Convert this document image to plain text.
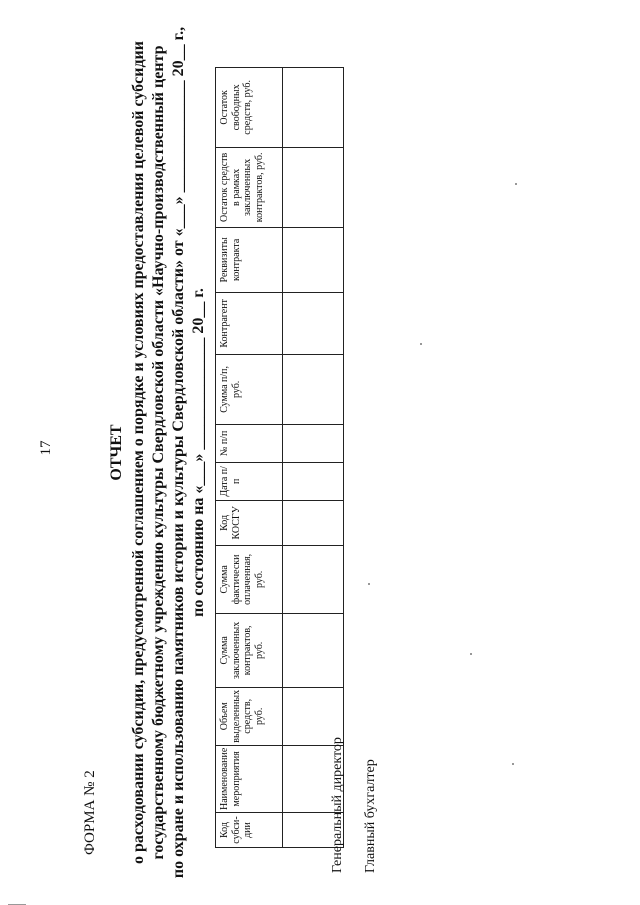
17
ФОРМА № 2
ОТЧЕТ о расходовании субсидии, предусмотренной соглашением о порядке и условиях предоставления целевой субсидии государственному бюджетному учреждению культуры Свердловской области «Научно-производственный центр по охране и использованию памятников истории и культуры Свердловской области» от «___» ______________ 20__ г., по состоянию на «___» ______________ 20__ г.
Код субси-дии	Наименование мероприятия	Объем выделенных средств, руб.	Сумма заключенных контрактов, руб.	Сумма фактически оплаченная, руб.	Код КОСГУ	Дата п/п	№ п/п	Сумма п/п, руб.	Контрагент	Реквизиты контракта	Остаток средств в рамках заключенных контрактов, руб.	Остаток свободных средств, руб.

Генеральный директор Главный бухгалтер
